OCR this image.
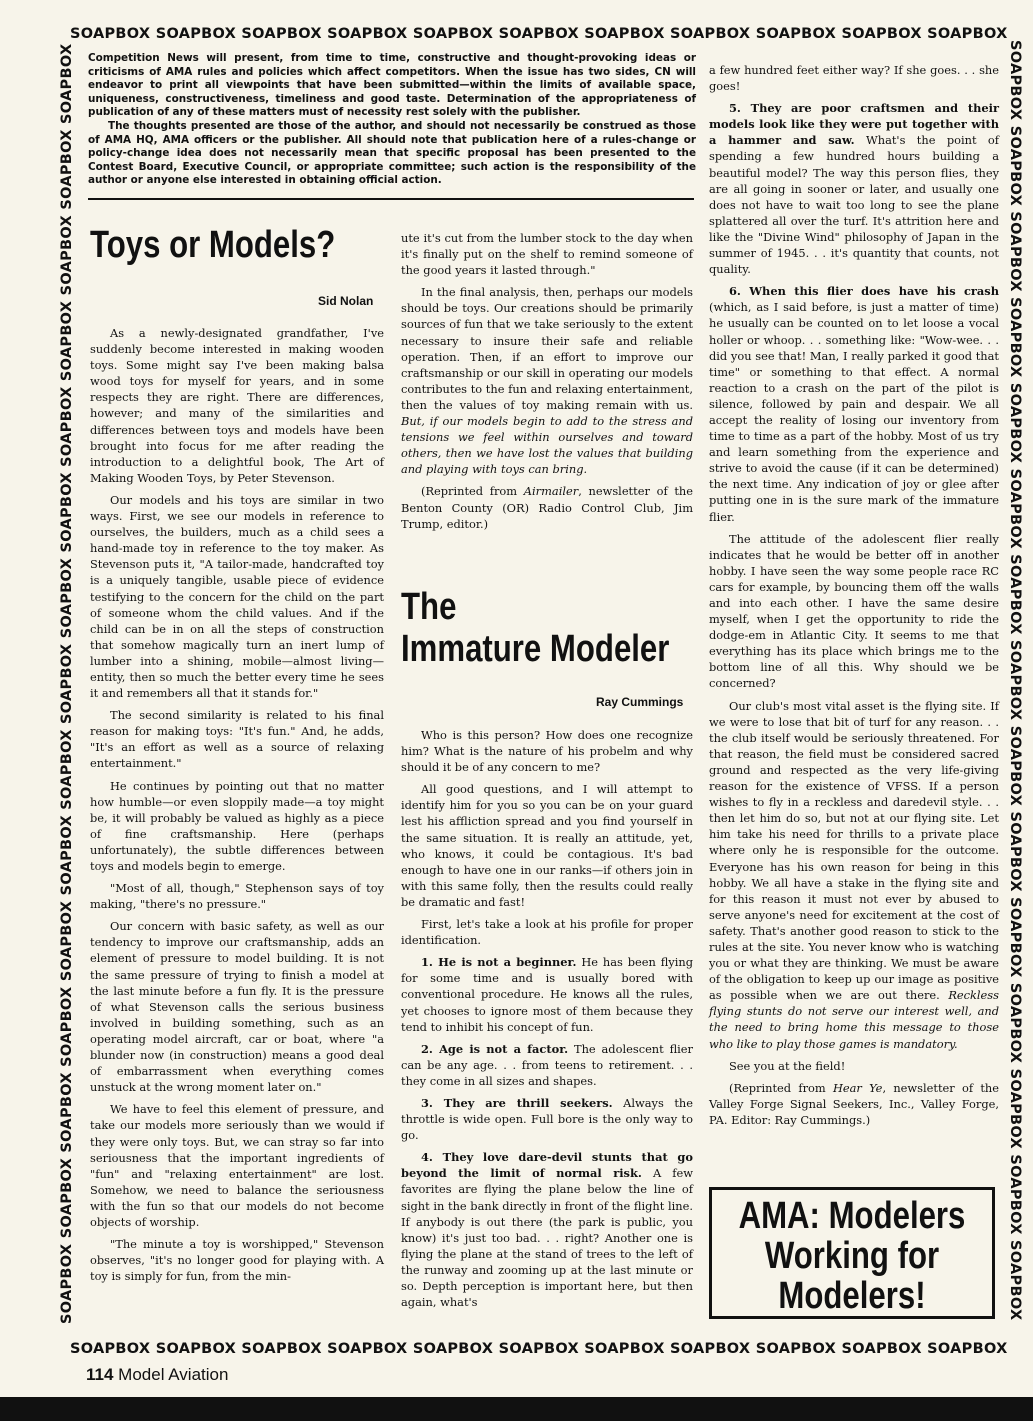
SOAPBOX SOAPBOX SOAPBOX SOAPBOX SOAPBOX SOAPBOX SOAPBOX SOAPBOX SOAPBOX SOAPBOX SOAPBOX
SOAPBOX SOAPBOX SOAPBOX SOAPBOX SOAPBOX SOAPBOX SOAPBOX SOAPBOX SOAPBOX SOAPBOX SOAPBOX
SOAPBOX SOAPBOX SOAPBOX SOAPBOX SOAPBOX SOAPBOX SOAPBOX SOAPBOX SOAPBOX SOAPBOX SOAPBOX SOAPBOX SOAPBOX SOAPBOX SOAPBOX	SOAPBOX SOAPBOX SOAPBOX SOAPBOX SOAPBOX SOAPBOX SOAPBOX SOAPBOX SOAPBOX SOAPBOX SOAPBOX SOAPBOX SOAPBOX SOAPBOX SOAPBOX

Competition News will present, from time to time, constructive and thought-provoking ideas or criticisms of AMA rules and policies which affect competitors. When the issue has two sides, CN will endeavor to print all viewpoints that have been submitted—within the limits of available space, uniqueness, constructiveness, timeliness and good taste. Determination of the appropriateness of publication of any of these matters must of necessity rest solely with the publisher.

The thoughts presented are those of the author, and should not necessarily be construed as those of AMA HQ, AMA officers or the publisher. All should note that publication here of a rules-change or policy-change idea does not necessarily mean that specific proposal has been presented to the Contest Board, Executive Council, or appropriate committee; such action is the responsibility of the author or anyone else interested in obtaining official action.

Toys or Models?
Sid Nolan

As a newly-designated grandfather, I've suddenly become interested in making wooden toys. Some might say I've been making balsa wood toys for myself for years, and in some respects they are right. There are differences, however; and many of the similarities and differences between toys and models have been brought into focus for me after reading the introduction to a delightful book, The Art of Making Wooden Toys, by Peter Stevenson.

Our models and his toys are similar in two ways. First, we see our models in reference to ourselves, the builders, much as a child sees a hand-made toy in reference to the toy maker. As Stevenson puts it, "A tailor-made, handcrafted toy is a uniquely tangible, usable piece of evidence testifying to the concern for the child on the part of someone whom the child values. And if the child can be in on all the steps of construction that somehow magically turn an inert lump of lumber into a shining, mobile—almost living—entity, then so much the better every time he sees it and remembers all that it stands for."

The second similarity is related to his final reason for making toys: "It's fun." And, he adds, "It's an effort as well as a source of relaxing entertainment."

He continues by pointing out that no matter how humble—or even sloppily made—a toy might be, it will probably be valued as highly as a piece of fine craftsmanship. Here (perhaps unfortunately), the subtle differences between toys and models begin to emerge.

"Most of all, though," Stephenson says of toy making, "there's no pressure."

Our concern with basic safety, as well as our tendency to improve our craftsmanship, adds an element of pressure to model building. It is not the same pressure of trying to finish a model at the last minute before a fun fly. It is the pressure of what Stevenson calls the serious business involved in building something, such as an operating model aircraft, car or boat, where "a blunder now (in construction) means a good deal of embarrassment when everything comes unstuck at the wrong moment later on."

We have to feel this element of pressure, and take our models more seriously than we would if they were only toys. But, we can stray so far into seriousness that the important ingredients of "fun" and "relaxing entertainment" are lost. Somehow, we need to balance the seriousness with the fun so that our models do not become objects of worship.

"The minute a toy is worshipped," Stevenson observes, "it's no longer good for playing with. A toy is simply for fun, from the min-

ute it's cut from the lumber stock to the day when it's finally put on the shelf to remind someone of the good years it lasted through."

In the final analysis, then, perhaps our models should be toys. Our creations should be primarily sources of fun that we take seriously to the extent necessary to insure their safe and reliable operation. Then, if an effort to improve our craftsmanship or our skill in operating our models contributes to the fun and relaxing entertainment, then the values of toy making remain with us. But, if our models begin to add to the stress and tensions we feel within ourselves and toward others, then we have lost the values that building and playing with toys can bring.

(Reprinted from Airmailer, newsletter of the Benton County (OR) Radio Control Club, Jim Trump, editor.)

The
Immature Modeler
Ray Cummings

Who is this person? How does one recognize him? What is the nature of his probelm and why should it be of any concern to me?

All good questions, and I will attempt to identify him for you so you can be on your guard lest his affliction spread and you find yourself in the same situation. It is really an attitude, yet, who knows, it could be contagious. It's bad enough to have one in our ranks—if others join in with this same folly, then the results could really be dramatic and fast!

First, let's take a look at his profile for proper identification.

1. He is not a beginner. He has been flying for some time and is usually bored with conventional procedure. He knows all the rules, yet chooses to ignore most of them because they tend to inhibit his concept of fun.

2. Age is not a factor. The adolescent flier can be any age. . . from teens to retirement. . . they come in all sizes and shapes.

3. They are thrill seekers. Always the throttle is wide open. Full bore is the only way to go.

4. They love dare-devil stunts that go beyond the limit of normal risk. A few favorites are flying the plane below the line of sight in the bank directly in front of the flight line. If anybody is out there (the park is public, you know) it's just too bad. . . right? Another one is flying the plane at the stand of trees to the left of the runway and zooming up at the last minute or so. Depth perception is important here, but then again, what's

a few hundred feet either way? If she goes. . . she goes!

5. They are poor craftsmen and their models look like they were put together with a hammer and saw. What's the point of spending a few hundred hours building a beautiful model? The way this person flies, they are all going in sooner or later, and usually one does not have to wait too long to see the plane splattered all over the turf. It's attrition here and like the "Divine Wind" philosophy of Japan in the summer of 1945. . . it's quantity that counts, not quality.

6. When this flier does have his crash (which, as I said before, is just a matter of time) he usually can be counted on to let loose a vocal holler or whoop. . . something like: "Wow-wee. . . did you see that! Man, I really parked it good that time" or something to that effect. A normal reaction to a crash on the part of the pilot is silence, followed by pain and despair. We all accept the reality of losing our inventory from time to time as a part of the hobby. Most of us try and learn something from the experience and strive to avoid the cause (if it can be determined) the next time. Any indication of joy or glee after putting one in is the sure mark of the immature flier.

The attitude of the adolescent flier really indicates that he would be better off in another hobby. I have seen the way some people race RC cars for example, by bouncing them off the walls and into each other. I have the same desire myself, when I get the opportunity to ride the dodge-em in Atlantic City. It seems to me that everything has its place which brings me to the bottom line of all this. Why should we be concerned?

Our club's most vital asset is the flying site. If we were to lose that bit of turf for any reason. . . the club itself would be seriously threatened. For that reason, the field must be considered sacred ground and respected as the very life-giving reason for the existence of VFSS. If a person wishes to fly in a reckless and daredevil style. . . then let him do so, but not at our flying site. Let him take his need for thrills to a private place where only he is responsible for the outcome. Everyone has his own reason for being in this hobby. We all have a stake in the flying site and for this reason it must not ever by abused to serve anyone's need for excitement at the cost of safety. That's another good reason to stick to the rules at the site. You never know who is watching you or what they are thinking. We must be aware of the obligation to keep up our image as positive as possible when we are out there. Reckless flying stunts do not serve our interest well, and the need to bring home this message to those who like to play those games is mandatory.

See you at the field!

(Reprinted from Hear Ye, newsletter of the Valley Forge Signal Seekers, Inc., Valley Forge, PA. Editor: Ray Cummings.)

AMA: Modelers
Working for
Modelers!
114 Model Aviation
